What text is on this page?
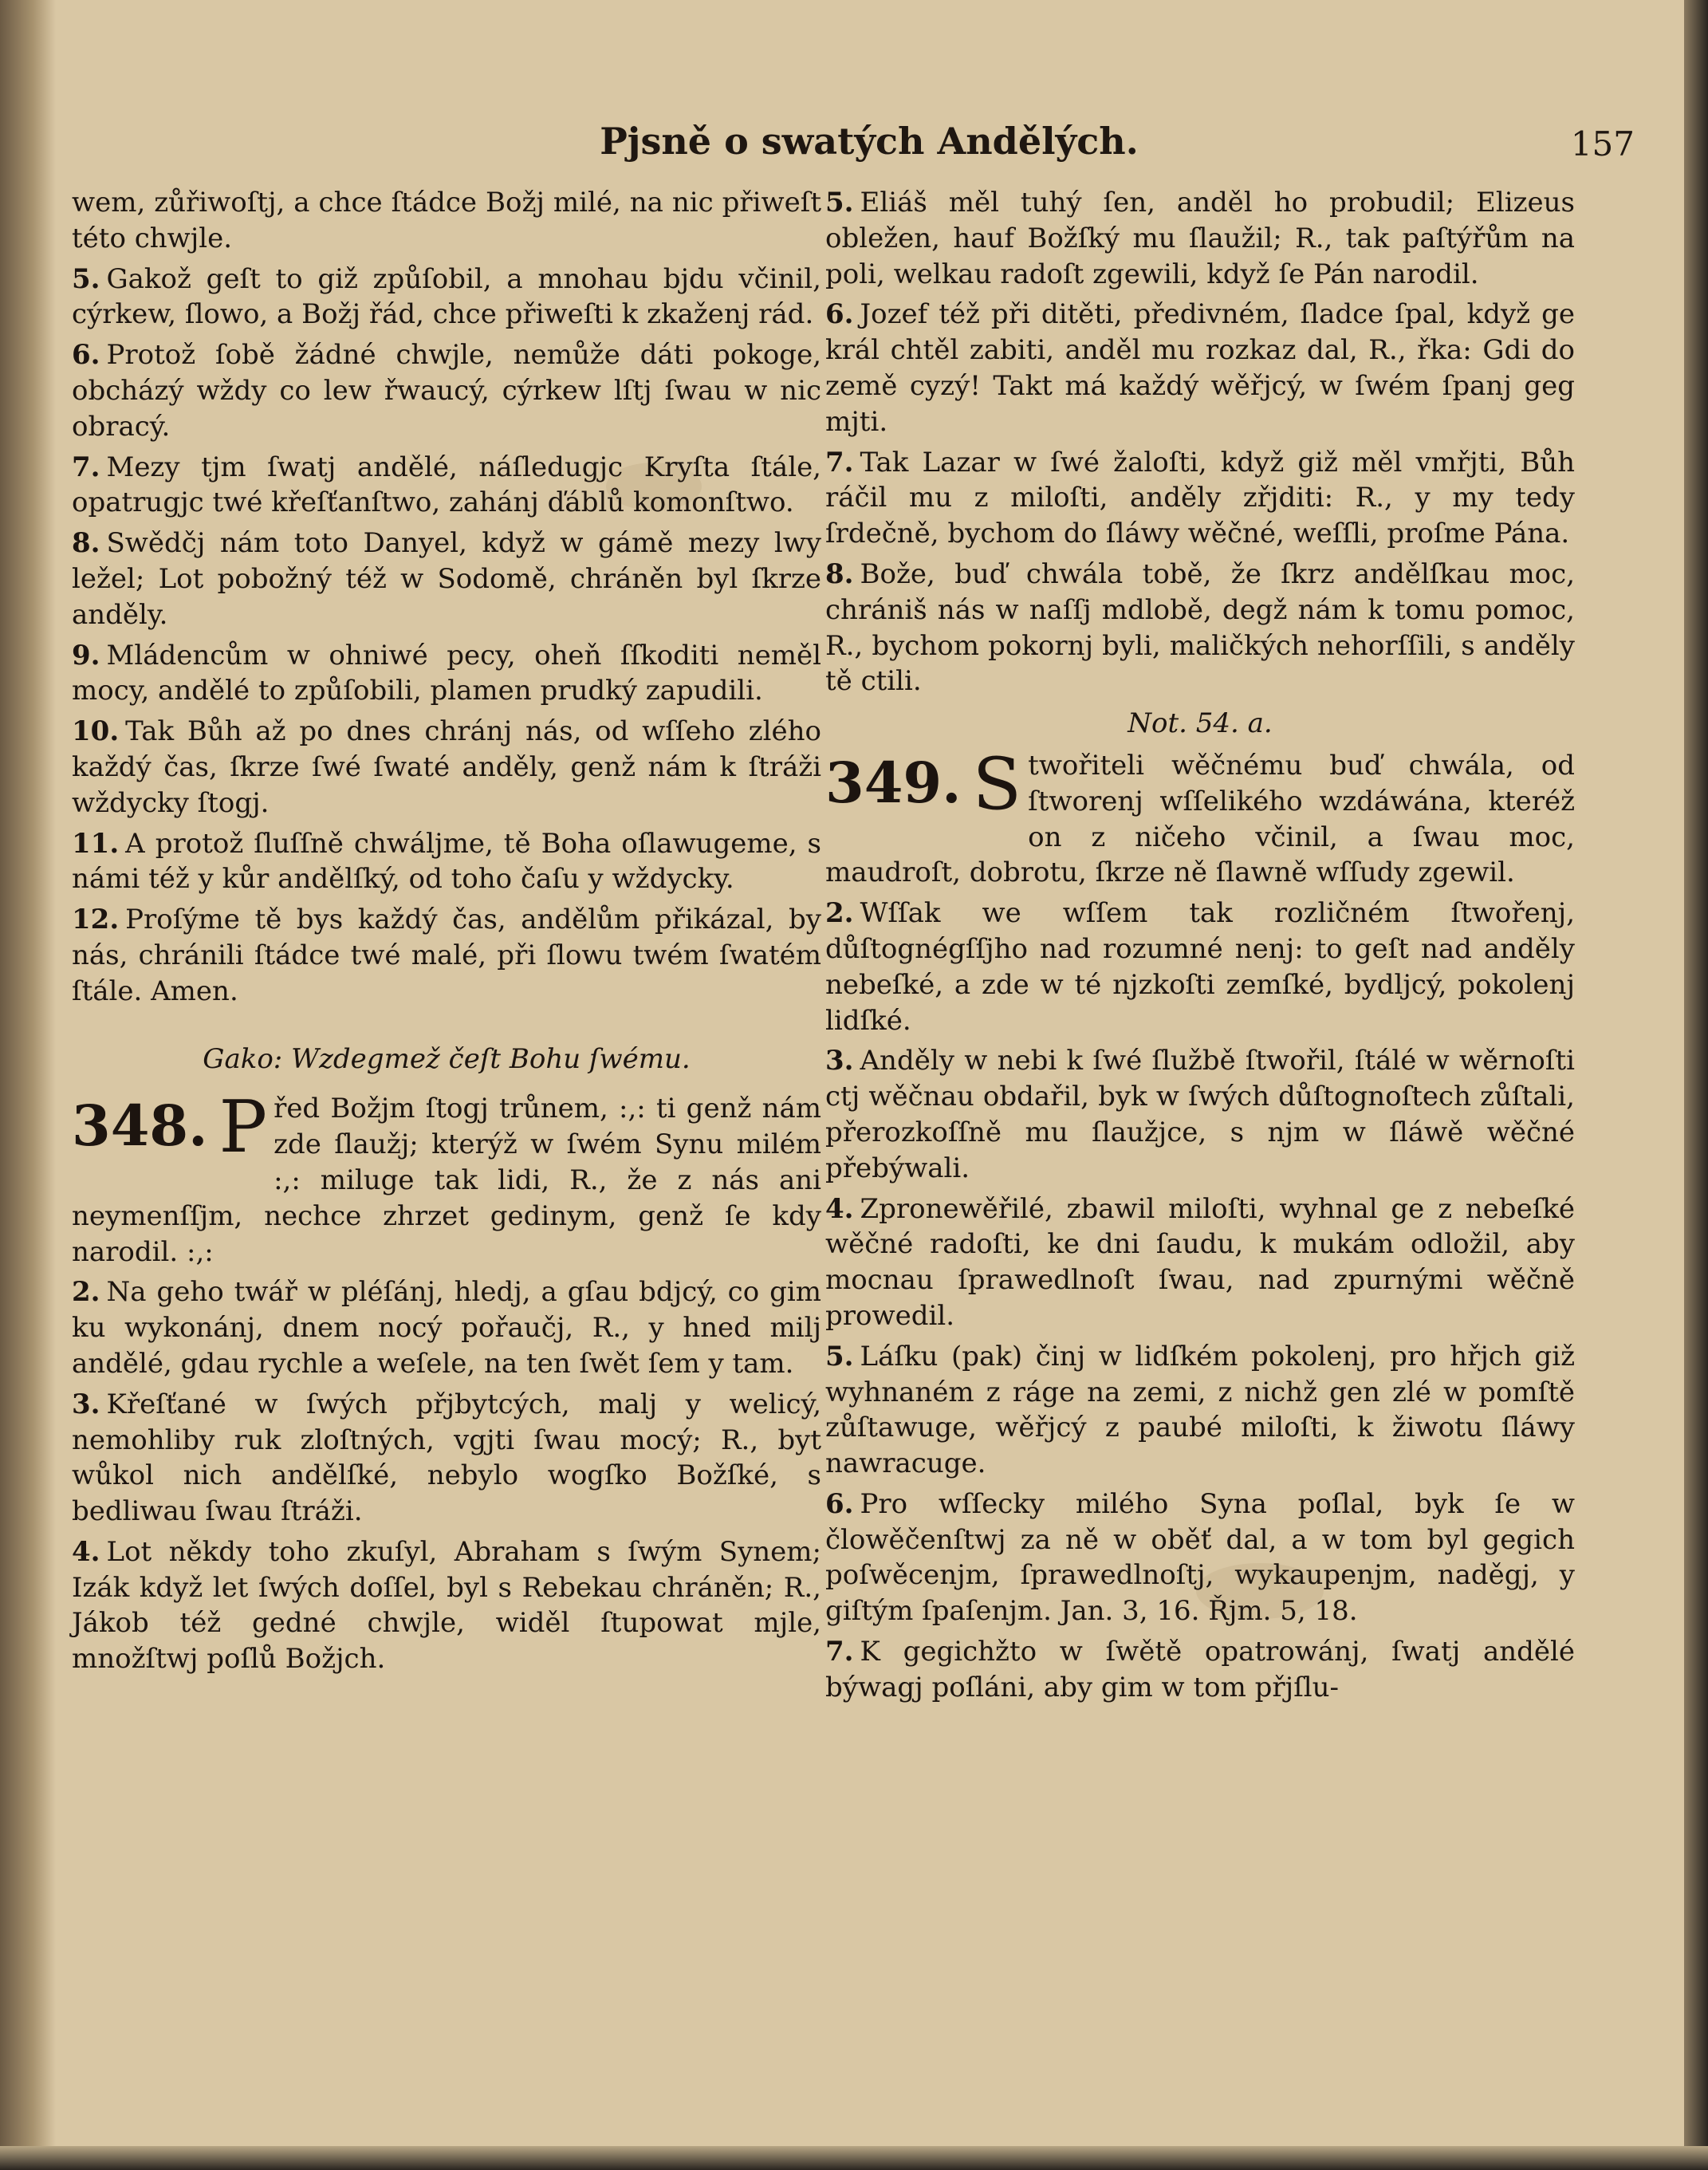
Pjsně o swatých Andělých.	157

wem, zůřiwoſtj, a chce ſtádce Božj milé, na nic přiweſt této chwjle.

5. Gakož geſt to giž způſobil, a mnohau bjdu včinil, cýrkew, ſlowo, a Božj řád, chce přiweſti k zkaženj rád.

6. Protož ſobě žádné chwjle, nemůže dáti pokoge, obcházý wždy co lew řwaucý, cýrkew lſtj ſwau w nic obracý.

7. Mezy tjm ſwatj andělé, náſledugjc Kryſta ſtále, opatrugjc twé křeſťanſtwo, zahánj ďáblů komonſtwo.

8. Swědčj nám toto Danyel, když w gámě mezy lwy ležel; Lot pobožný též w Sodomě, chráněn byl ſkrze anděly.

9. Mládencům w ohniwé pecy, oheň ſſkoditi neměl mocy, andělé to způſobili, plamen prudký zapudili.

10. Tak Bůh až po dnes chránj nás, od wſſeho zlého každý čas, ſkrze ſwé ſwaté anděly, genž nám k ſtráži wždycky ſtogj.

11. A protož ſluſſně chwálјme, tě Boha oſlawugeme, s námi též y kůr andělſký, od toho čaſu y wždycky.

12. Proſýme tě bys každý čas, andělům přikázal, by nás, chránili ſtádce twé malé, při ſlowu twém ſwatém ſtále. Amen.

Gako: Wzdegmež čeſt Bohu ſwému.

348. P řed Božjm ſtogj trůnem, :,: ti genž nám zde ſlaužj; kterýž w ſwém Synu milém :,: miluge tak lidi, R., že z nás ani neymenſſjm, nechce zhrzet gedinym, genž ſe kdy narodil. :,:

2. Na geho twář w pléſánj, hledj, a gſau bdjcý, co gim ku wykonánj, dnem nocý pořaučj, R., y hned milj andělé, gdau rychle a weſele, na ten ſwět ſem y tam.

3. Křeſťané w ſwých přjbytcých, malj y welicý, nemohliby ruk zloſtných, vgjti ſwau mocý; R., byt wůkol nich andělſké, nebylo wogſko Božſké, s bedliwau ſwau ſtráži.

4. Lot někdy toho zkuſyl, Abraham s ſwým Synem; Izák když let ſwých doſſel, byl s Rebekau chráněn; R., Jákob též gedné chwjle, widěl ſtupowat mjle, množſtwj poſlů Božjch.

5. Eliáš měl tuhý ſen, anděl ho probudil; Elizeus obležen, hauf Božſký mu ſlaužil; R., tak paſtýřům na poli, welkau radoſt zgewili, když ſe Pán narodil.

6. Jozef též při ditěti, předivném, ſladce ſpal, když ge král chtěl zabiti, anděl mu rozkaz dal, R., řka: Gdi do země cyzý! Takt má každý wěřjcý, w ſwém ſpanj geg mjti.

7. Tak Lazar w ſwé žaloſti, když giž měl vmřjti, Bůh ráčil mu z miloſti, anděly zřjditi: R., y my tedy ſrdečně, bychom do ſláwy wěčné, weſſli, proſme Pána.

8. Bože, buď chwála tobě, že ſkrz andělſkau moc, chrániš nás w naſſj mdlobě, degž nám k tomu pomoc, R., bychom pokornj byli, maličkých nehorſſili, s anděly tě ctili.

Not. 54. a.

349. S twořiteli wěčnému buď chwála, od ſtworenj wſſelikého wzdáwána, kteréž on z ničeho včinil, a ſwau moc, maudroſt, dobrotu, ſkrze ně ſlawně wſſudy zgewil.

2. Wſſak we wſſem tak rozličném ſtwořenj, důſtognégſſjho nad rozumné nenj: to geſt nad anděly nebeſké, a zde w té njzkoſti zemſké, bydljcý, pokolenj lidſké.

3. Anděly w nebi k ſwé ſlužbě ſtwořil, ſtálé w wěrnoſti ctj wěčnau obdařil, byk w ſwých důſtognoſtech zůſtali, přerozkoſſně mu ſlaužjce, s njm w ſláwě wěčné přebýwali.

4. Zpronewěřilé, zbawil miloſti, wyhnal ge z nebeſké wěčné radoſti, ke dni ſaudu, k mukám odložil, aby mocnau ſprawedlnoſt ſwau, nad zpurnými wěčně prowedil.

5. Láſku (pak) činj w lidſkém pokolenj, pro hřjch giž wyhnaném z ráge na zemi, z nichž gen zlé w pomſtě zůſtawuge, wěřjcý z paubé miloſti, k žiwotu ſláwy nawracuge.

6. Pro wſſecky milého Syna poſlal, byk ſe w člowěčenſtwj za ně w oběť dal, a w tom byl gegich poſwěcenjm, ſprawedlnoſtj, wykaupenjm, naděgj, y giſtým ſpaſenjm. Jan. 3, 16. Řjm. 5, 18.

7. K gegichžto w ſwětě opatrowánj, ſwatj andělé býwagj poſláni, aby gim w tom přjſlu-
